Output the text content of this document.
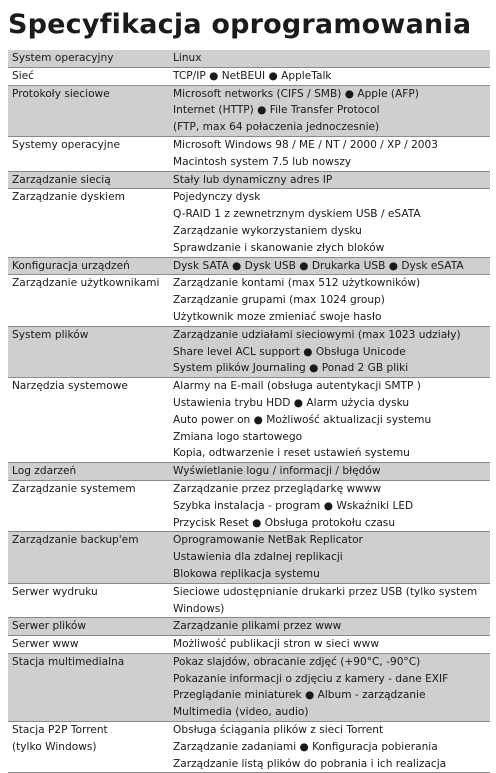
Specyfikacja oprogramowania
System operacyjny	Linux

Sieć	TCP/IP ● NetBEUI ● AppleTalk

Protokoły sieciowe	Microsoft networks (CIFS / SMB) ● Apple (AFP)
Internet (HTTP) ● File Transfer Protocol
(FTP, max 64 połaczenia jednoczesnie)

Systemy operacyjne	Microsoft Windows 98 / ME / NT / 2000 / XP / 2003
Macintosh system 7.5 lub nowszy

Zarządzanie siecią	Stały lub dynamiczny adres IP

Zarządzanie dyskiem	Pojedynczy dysk
Q-RAID 1 z zewnetrznym dyskiem USB / eSATA
Zarządzanie wykorzystaniem dysku
Sprawdzanie i skanowanie złych bloków

Konfiguracja urządzeń	Dysk SATA ● Dysk USB ● Drukarka USB ● Dysk eSATA

Zarządzanie użytkownikami	Zarządzanie kontami (max 512 użytkowników)
Zarządzanie grupami (max 1024 group)
Użytkownik moze zmieniać swoje hasło

System plików	Zarządzanie udziałami sieciowymi (max 1023 udziały)
Share level ACL support ● Obsługa Unicode
System plików Journaling ● Ponad 2 GB pliki

Narzędzia systemowe	Alarmy na E-mail (obsługa autentykacji SMTP )
Ustawienia trybu HDD ● Alarm użycia dysku
Auto power on ● Możliwość aktualizacji systemu
Zmiana logo startowego
Kopia, odtwarzenie i reset ustawień systemu

Log zdarzeń	Wyświetlanie logu / informacji / błędów

Zarządzanie systemem	Zarządzanie przez przeglądarkę wwww
Szybka instalacja - program ● Wskaźniki LED
Przycisk Reset ● Obsługa protokołu czasu

Zarządzanie backup'em	Oprogramowanie NetBak Replicator
Ustawienia dla zdalnej replikacji
Blokowa replikacja systemu

Serwer wydruku	Sieciowe udostępnianie drukarki przez USB (tylko system
Windows)

Serwer plików	Zarządzanie plikami przez www

Serwer www	Możliwość publikacji stron w sieci www

Stacja multimedialna	Pokaz slajdów, obracanie zdjęć (+90°C, -90°C)
Pokazanie informacji o zdjęciu z kamery - dane EXIF
Przeglądanie miniaturek ● Album - zarządzanie
Multimedia (video, audio)

Stacja P2P Torrent
(tylko Windows)	Obsługa ściągania plików z sieci Torrent
Zarządzanie zadaniami ● Konfiguracja pobierania
Zarządzanie listą plików do pobrania i ich realizacja
